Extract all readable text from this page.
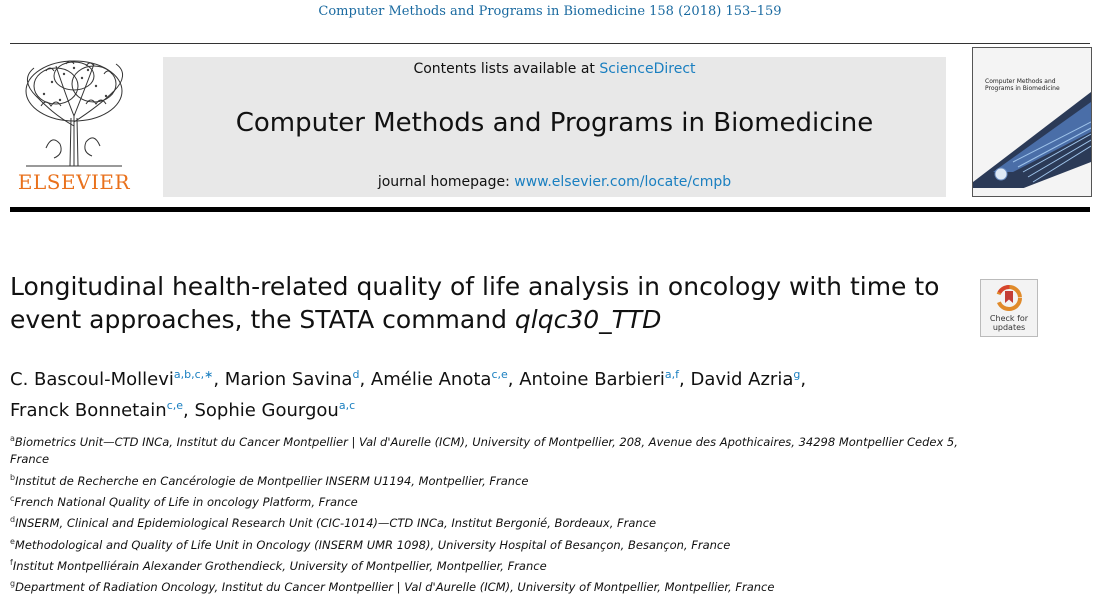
Computer Methods and Programs in Biomedicine 158 (2018) 153–159
ELSEVIER
Contents lists available at ScienceDirect
Computer Methods and Programs in Biomedicine
journal homepage: www.elsevier.com/locate/cmpb
Computer Methods and Programs in Biomedicine
Longitudinal health-related quality of life analysis in oncology with time to event approaches, the STATA command qlqc30_TTD	Check for
updates
C. Bascoul-Mollevi$^{a,b,c,∗}$, Marion Savina$^d$, Amélie Anota$^{c,e}$, Antoine Barbieri$^{a,f}$, David Azria$^g$,
Franck Bonnetain$^{c,e}$, Sophie Gourgou$^{a,c}$
$^a$Biometrics Unit—CTD INCa, Institut du Cancer Montpellier | Val d'Aurelle (ICM), University of Montpellier, 208, Avenue des Apothicaires, 34298 Montpellier Cedex 5, France
$^b$Institut de Recherche en Cancérologie de Montpellier INSERM U1194, Montpellier, France
$^c$French National Quality of Life in oncology Platform, France
$^d$INSERM, Clinical and Epidemiological Research Unit (CIC-1014)—CTD INCa, Institut Bergonié, Bordeaux, France
$^e$Methodological and Quality of Life Unit in Oncology (INSERM UMR 1098), University Hospital of Besançon, Besançon, France
$^f$Institut Montpelliérain Alexander Grothendieck, University of Montpellier, Montpellier, France
$^g$Department of Radiation Oncology, Institut du Cancer Montpellier | Val d'Aurelle (ICM), University of Montpellier, Montpellier, France
